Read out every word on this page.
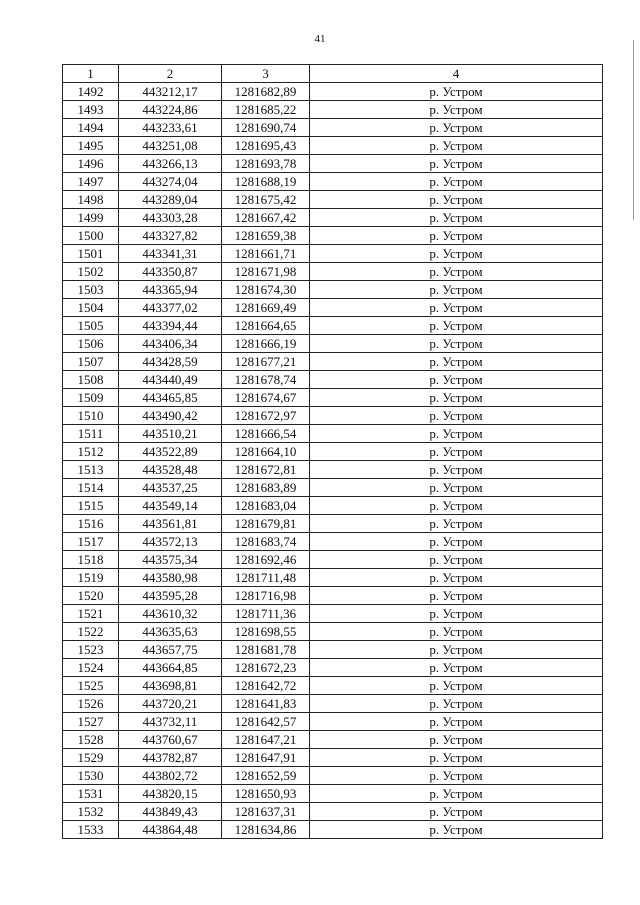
41
1	2	3	4
1492	443212,17	1281682,89	р. Устром
1493	443224,86	1281685,22	р. Устром
1494	443233,61	1281690,74	р. Устром
1495	443251,08	1281695,43	р. Устром
1496	443266,13	1281693,78	р. Устром
1497	443274,04	1281688,19	р. Устром
1498	443289,04	1281675,42	р. Устром
1499	443303,28	1281667,42	р. Устром
1500	443327,82	1281659,38	р. Устром
1501	443341,31	1281661,71	р. Устром
1502	443350,87	1281671,98	р. Устром
1503	443365,94	1281674,30	р. Устром
1504	443377,02	1281669,49	р. Устром
1505	443394,44	1281664,65	р. Устром
1506	443406,34	1281666,19	р. Устром
1507	443428,59	1281677,21	р. Устром
1508	443440,49	1281678,74	р. Устром
1509	443465,85	1281674,67	р. Устром
1510	443490,42	1281672,97	р. Устром
1511	443510,21	1281666,54	р. Устром
1512	443522,89	1281664,10	р. Устром
1513	443528,48	1281672,81	р. Устром
1514	443537,25	1281683,89	р. Устром
1515	443549,14	1281683,04	р. Устром
1516	443561,81	1281679,81	р. Устром
1517	443572,13	1281683,74	р. Устром
1518	443575,34	1281692,46	р. Устром
1519	443580,98	1281711,48	р. Устром
1520	443595,28	1281716,98	р. Устром
1521	443610,32	1281711,36	р. Устром
1522	443635,63	1281698,55	р. Устром
1523	443657,75	1281681,78	р. Устром
1524	443664,85	1281672,23	р. Устром
1525	443698,81	1281642,72	р. Устром
1526	443720,21	1281641,83	р. Устром
1527	443732,11	1281642,57	р. Устром
1528	443760,67	1281647,21	р. Устром
1529	443782,87	1281647,91	р. Устром
1530	443802,72	1281652,59	р. Устром
1531	443820,15	1281650,93	р. Устром
1532	443849,43	1281637,31	р. Устром
1533	443864,48	1281634,86	р. Устром
